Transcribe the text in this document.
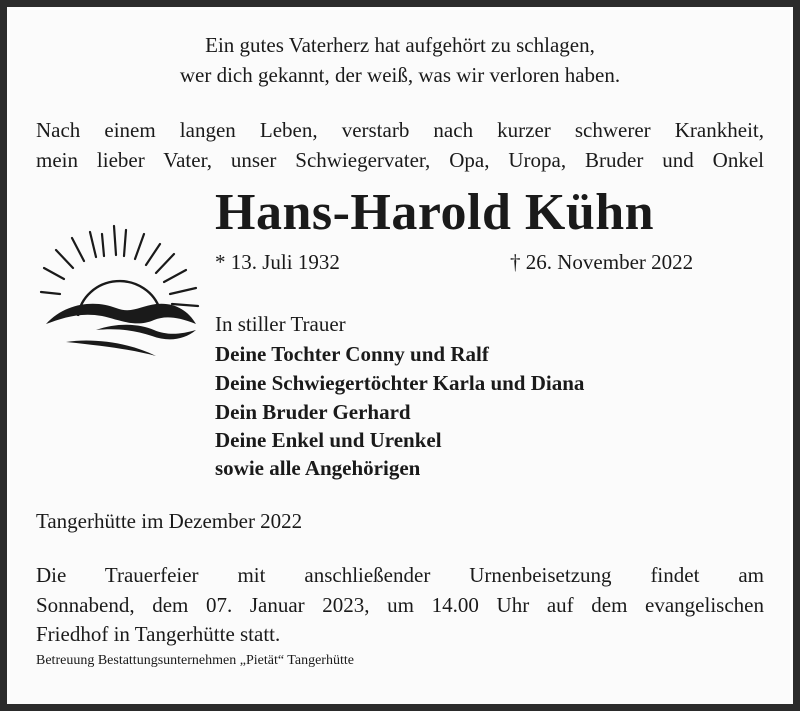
Ein gutes Vaterherz hat aufgehört zu schlagen,
wer dich gekannt, der weiß, was wir verloren haben.
Nach einem langen Leben, verstarb nach kurzer schwerer Krankheit,
mein lieber Vater, unser Schwiegervater, Opa, Uropa, Bruder und Onkel
Hans-Harold Kühn
* 13. Juli 1932	† 26. November 2022
In stiller Trauer
Deine Tochter Conny und Ralf
Deine Schwiegertöchter Karla und Diana
Dein Bruder Gerhard
Deine Enkel und Urenkel
sowie alle Angehörigen
Tangerhütte im Dezember 2022
Die Trauerfeier mit anschließender Urnenbeisetzung findet am
Sonnabend, dem 07. Januar 2023, um 14.00 Uhr auf dem evangelischen
Friedhof in Tangerhütte statt.
Betreuung Bestattungsunternehmen „Pietät“ Tangerhütte
